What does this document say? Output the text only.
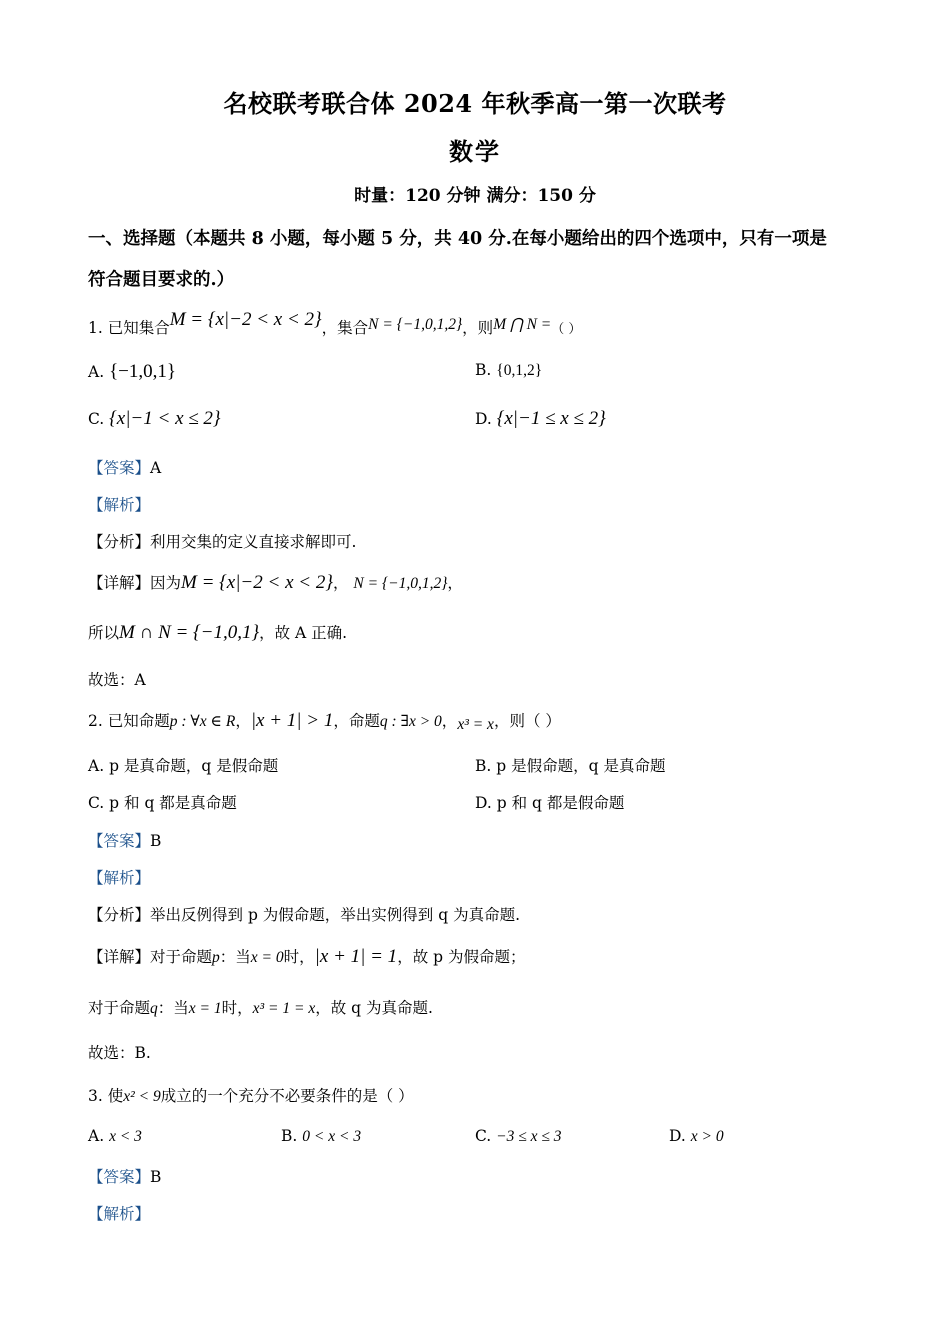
名校联考联合体 2024 年秋季高一第一次联考
数学
时量：120 分钟 满分：150 分
一、选择题（本题共 8 小题，每小题 5 分，共 40 分.在每小题给出的四个选项中，只有一项是
符合题目要求的.）
1. 已知集合M = {x|−2 < x < 2}，集合N = {−1,0,1,2}，则M ⋂ N =（ ）
A. {−1,0,1}	B. {0,1,2}
C. {x|−1 < x ≤ 2}	D. {x|−1 ≤ x ≤ 2}
【答案】A
【解析】
【分析】利用交集的定义直接求解即可.
【详解】因为M = {x|−2 < x < 2}， N = {−1,0,1,2}，
所以M ∩ N = {−1,0,1}，故 A 正确.
故选：A
2. 已知命题p : ∀x ∈ R，|x + 1| > 1，命题q : ∃x > 0，x³ = x，则（ ）
A. p 是真命题，q 是假命题	B. p 是假命题，q 是真命题
C. p 和 q 都是真命题	D. p 和 q 都是假命题
【答案】B
【解析】
【分析】举出反例得到 p 为假命题，举出实例得到 q 为真命题.
【详解】对于命题p：当x = 0时，|x + 1| = 1，故 p 为假命题；
对于命题q：当x = 1时，x³ = 1 = x，故 q 为真命题.
故选：B.
3. 使x² < 9成立的一个充分不必要条件的是（ ）
A. x < 3	B. 0 < x < 3	C. −3 ≤ x ≤ 3	D. x > 0
【答案】B
【解析】
